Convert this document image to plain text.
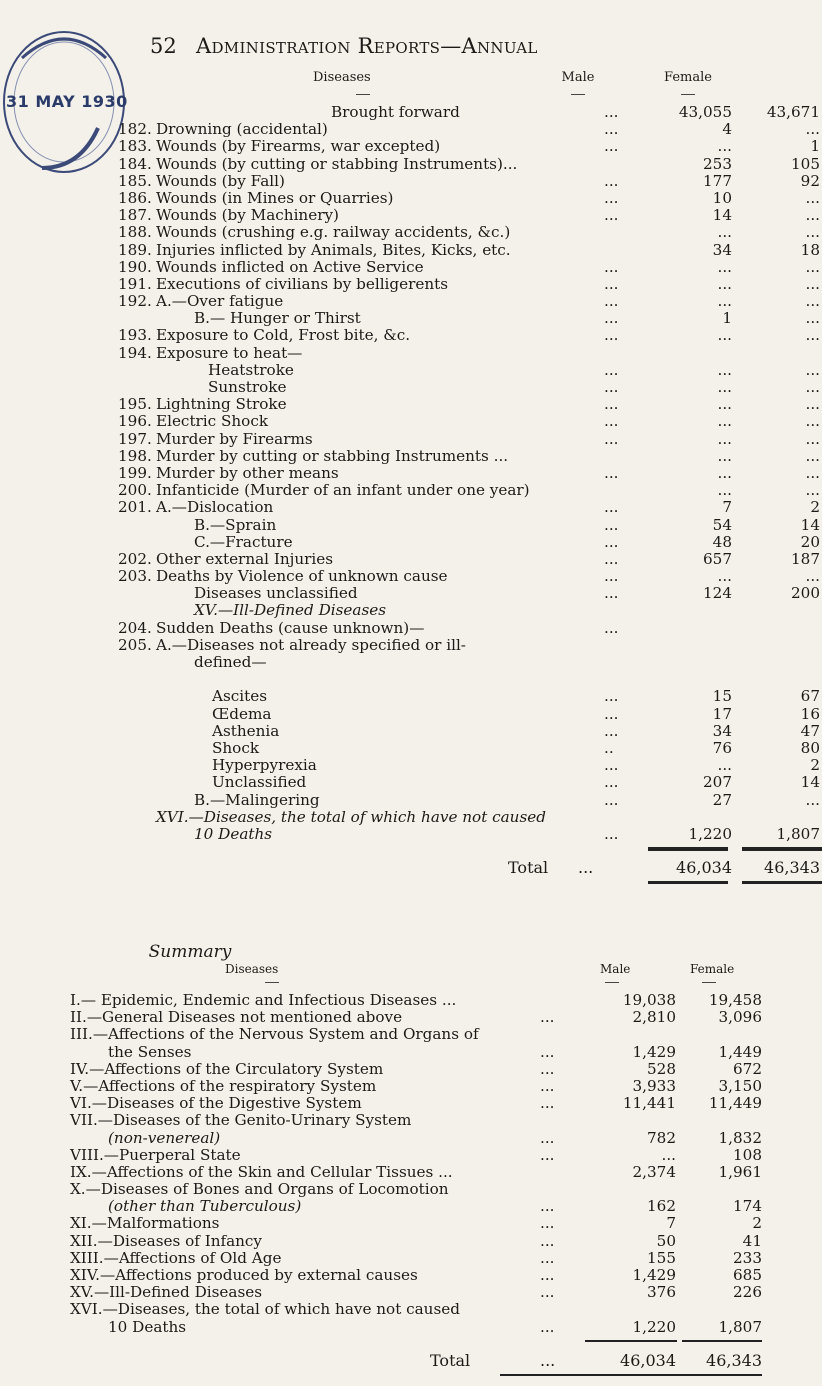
31 MAY 1930
52 Administration Reports—Annual
Diseases	Male	Female
Brought forward	...	43,055	43,671
182. Drowning (accidental)	...	4	...
183. Wounds (by Firearms, war excepted)	...	...	1
184. Wounds (by cutting or stabbing Instruments)...	253	105
185. Wounds (by Fall)	...	177	92
186. Wounds (in Mines or Quarries)	...	10	...
187. Wounds (by Machinery)	...	14	...
188. Wounds (crushing e.g. railway accidents, &c.)	...	...
189. Injuries inflicted by Animals, Bites, Kicks, etc.	34	18
190. Wounds inflicted on Active Service	...	...	...
191. Executions of civilians by belligerents	...	...	...
192. A.—Over fatigue	...	...	...
B.— Hunger or Thirst	...	1	...
193. Exposure to Cold, Frost bite, &c.	...	...	...
194. Exposure to heat—
Heatstroke	...	...	...
Sunstroke	...	...	...
195. Lightning Stroke	...	...	...
196. Electric Shock	...	...	...
197. Murder by Firearms	...	...	...
198. Murder by cutting or stabbing Instruments ...	...	...
199. Murder by other means	...	...	...
200. Infanticide (Murder of an infant under one year)	...	...
201. A.—Dislocation	...	7	2
B.—Sprain	...	54	14
C.—Fracture	...	48	20
202. Other external Injuries	...	657	187
203. Deaths by Violence of unknown cause	...	...	...
Diseases unclassified	...	124	200
XV.—Ill-Defined Diseases
204. Sudden Deaths (cause unknown)—	...
205. A.—Diseases not already specified or ill-
defined—
Ascites	...	15	67
Œdema	...	17	16
Asthenia	...	34	47
Shock	..	76	80
Hyperpyrexia	...	...	2
Unclassified	...	207	14
B.—Malingering	...	27	...
XVI.—Diseases, the total of which have not caused
10 Deaths	...	1,220	1,807
Total ...	46,034	46,343
Summary
Diseases	Male	Female
I.— Epidemic, Endemic and Infectious Diseases ...	19,038	19,458
II.—General Diseases not mentioned above	...	2,810	3,096
III.—Affections of the Nervous System and Organs of
the Senses	...	1,429	1,449
IV.—Affections of the Circulatory System	...	528	672
V.—Affections of the respiratory System	...	3,933	3,150
VI.—Diseases of the Digestive System	...	11,441	11,449
VII.—Diseases of the Genito-Urinary System
(non-venereal)	...	782	1,832
VIII.—Puerperal State	...	...	108
IX.—Affections of the Skin and Cellular Tissues ...	2,374	1,961
X.—Diseases of Bones and Organs of Locomotion
(other than Tuberculous)	...	162	174
XI.—Malformations	...	7	2
XII.—Diseases of Infancy	...	50	41
XIII.—Affections of Old Age	...	155	233
XIV.—Affections produced by external causes	...	1,429	685
XV.—Ill-Defined Diseases	...	376	226
XVI.—Diseases, the total of which have not caused
10 Deaths	...	1,220	1,807
Total	...	46,034	46,343
